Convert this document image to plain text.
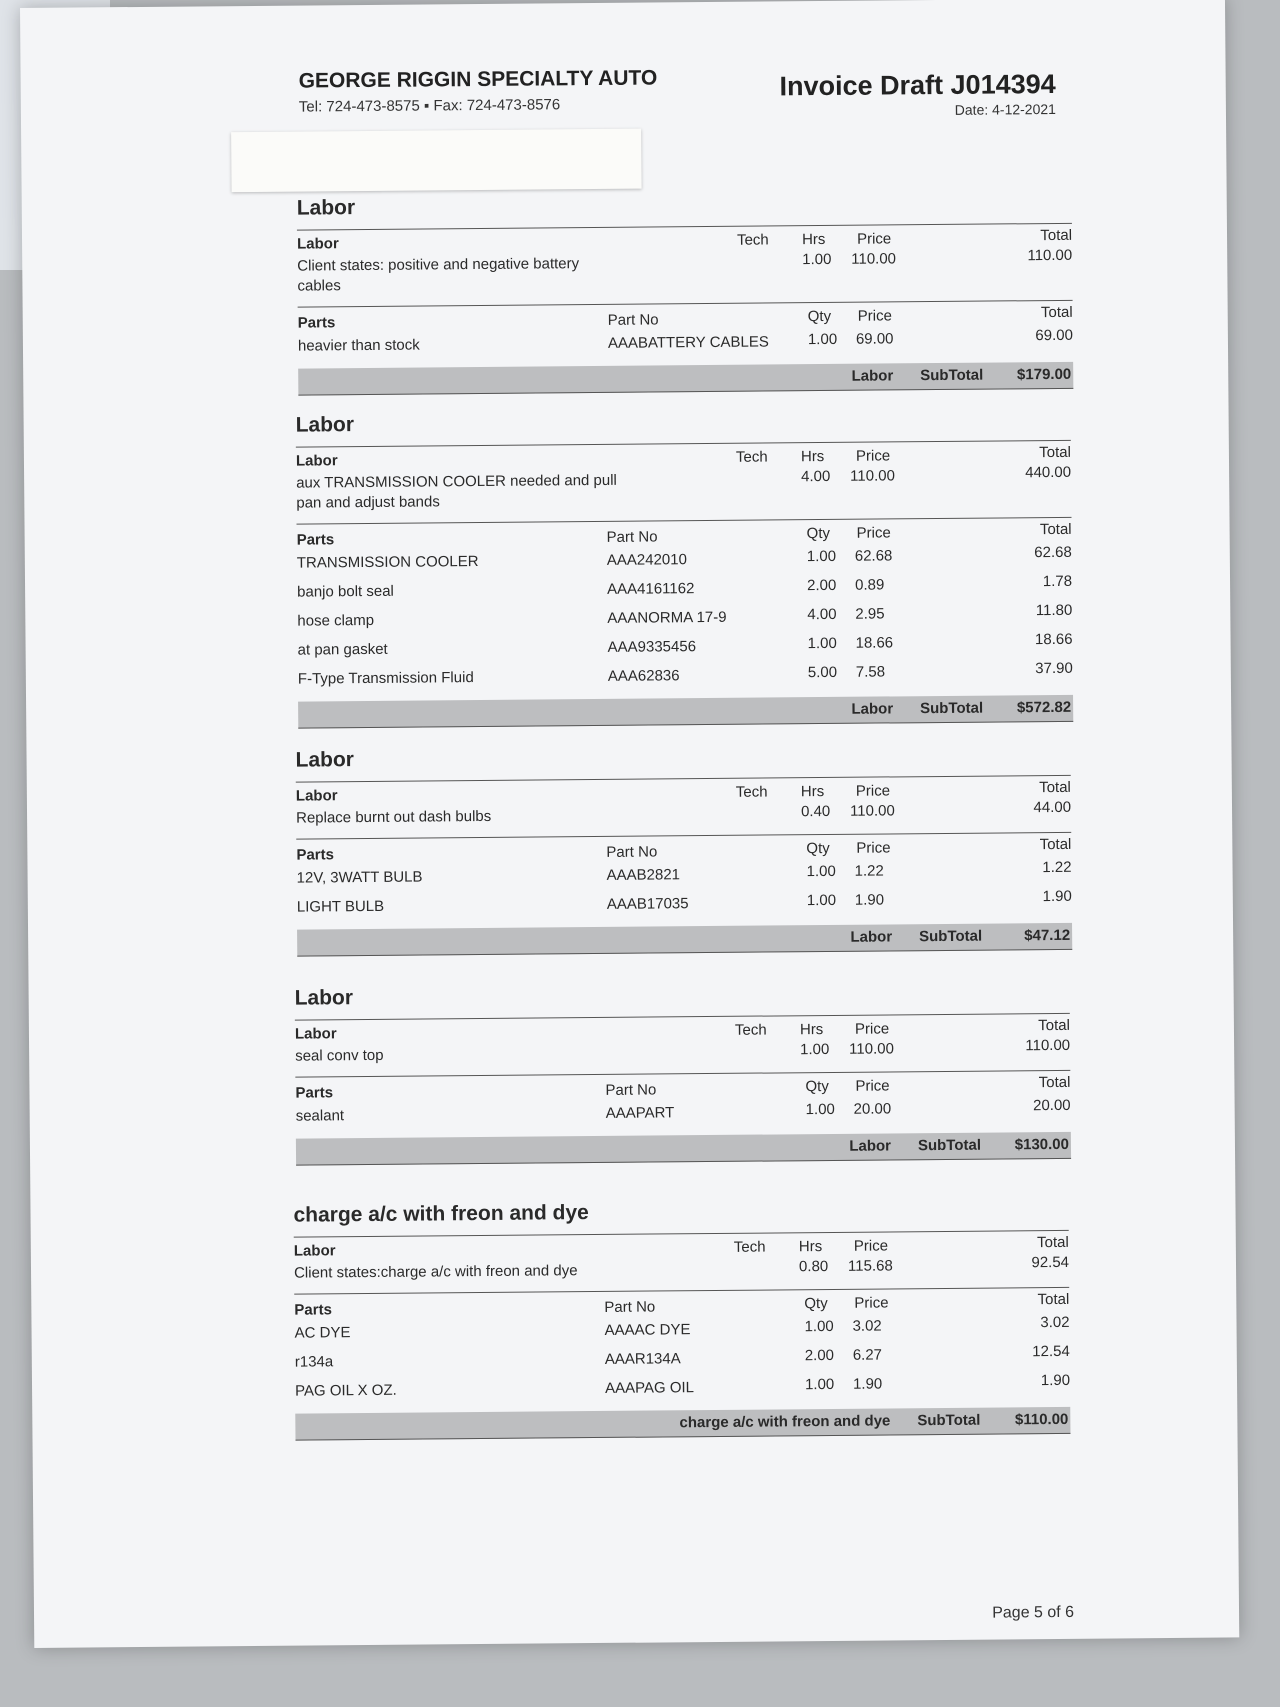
GEORGE RIGGIN SPECIALTY AUTO
Tel: 724-473-8575 ▪ Fax: 724-473-8576
Invoice Draft J014394
Date: 4-12-2021
Labor
Labor	Tech Hrs Price	Total
Client states: positive and negative battery
cables
1.00 110.00	110.00
Parts	Part No	Qty Price	Total
heavier than stock	AAABATTERY CABLES	1.00 69.00	69.00
Labor SubTotal $179.00
Labor
Labor	Tech Hrs Price	Total
aux TRANSMISSION COOLER needed and pull
pan and adjust bands
4.00 110.00	440.00
Parts	Part No	Qty Price	Total
TRANSMISSION COOLER	AAA242010	1.00 62.68	62.68
banjo bolt seal	AAA4161162	2.00 0.89	1.78
hose clamp	AAANORMA 17-9	4.00 2.95	11.80
at pan gasket	AAA9335456	1.00 18.66	18.66
F-Type Transmission Fluid	AAA62836	5.00 7.58	37.90
Labor SubTotal $572.82
Labor
Labor	Tech Hrs Price	Total
Replace burnt out dash bulbs	0.40 110.00	44.00
Parts	Part No	Qty Price	Total
12V, 3WATT BULB	AAAB2821	1.00 1.22	1.22
LIGHT BULB	AAAB17035	1.00 1.90	1.90
Labor SubTotal	$47.12
Labor
Labor	Tech Hrs Price	Total
seal conv top	1.00 110.00	110.00
Parts	Part No	Qty Price	Total
sealant	AAAPART	1.00 20.00	20.00
Labor SubTotal $130.00
charge a/c with freon and dye
Labor	Tech Hrs Price	Total
Client states:charge a/c with freon and dye	0.80 115.68	92.54
Parts	Part No	Qty Price	Total
AC DYE	AAAAC DYE	1.00 3.02	3.02
r134a	AAAR134A	2.00 6.27	12.54
PAG OIL X OZ.	AAAPAG OIL	1.00 1.90	1.90
charge a/c with freon and dye SubTotal $110.00
Page 5 of 6
